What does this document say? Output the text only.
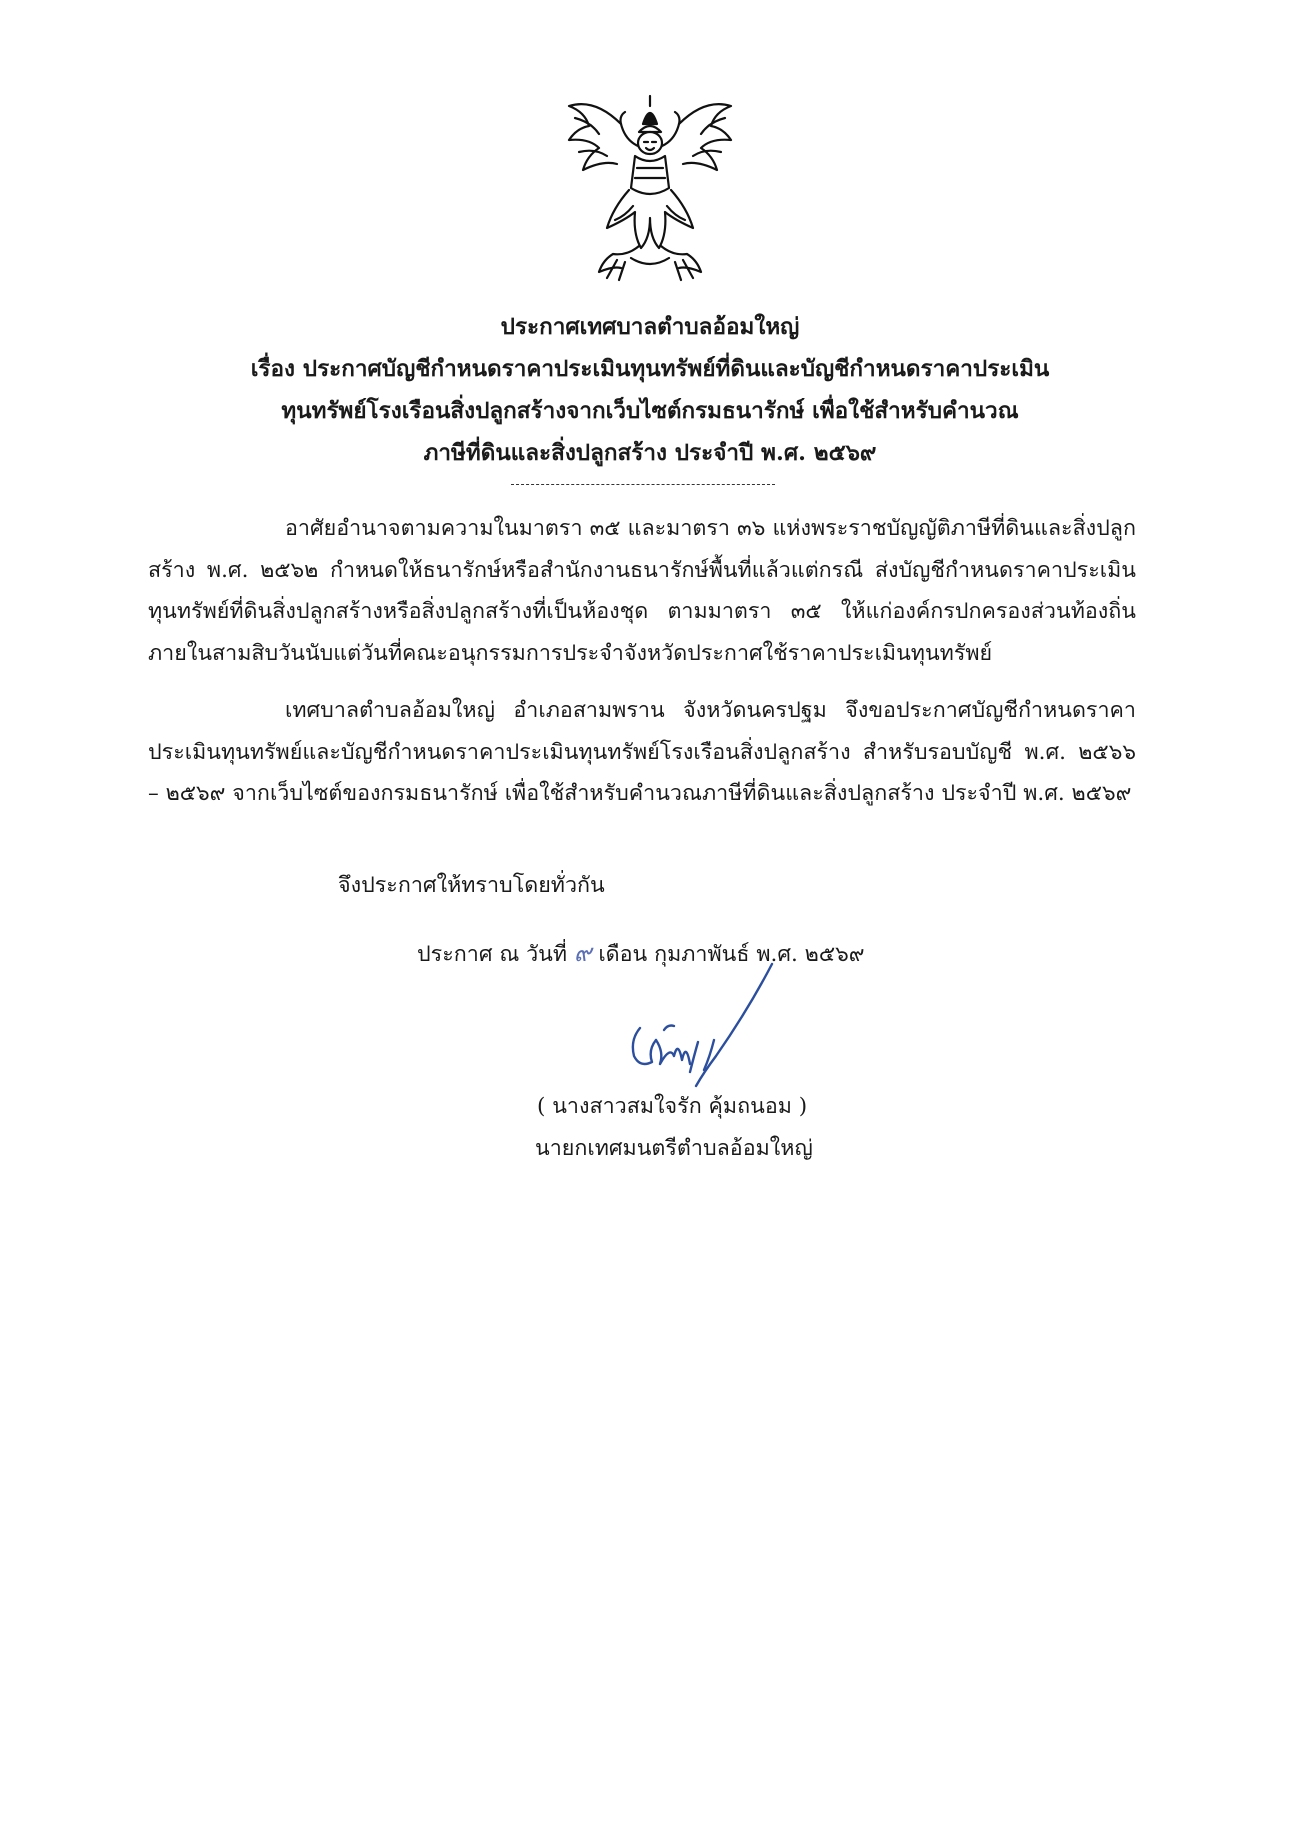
ประกาศเทศบาลตำบลอ้อมใหญ่
เรื่อง ประกาศบัญชีกำหนดราคาประเมินทุนทรัพย์ที่ดินและบัญชีกำหนดราคาประเมิน
ทุนทรัพย์โรงเรือนสิ่งปลูกสร้างจากเว็บไซต์กรมธนารักษ์ เพื่อใช้สำหรับคำนวณ
ภาษีที่ดินและสิ่งปลูกสร้าง ประจำปี พ.ศ. ๒๕๖๙
อาศัยอำนาจตามความในมาตรา ๓๕ และมาตรา ๓๖ แห่งพระราชบัญญัติภาษีที่ดินและสิ่งปลูกสร้าง พ.ศ. ๒๕๖๒ กำหนดให้ธนารักษ์หรือสำนักงานธนารักษ์พื้นที่แล้วแต่กรณี ส่งบัญชีกำหนดราคาประเมินทุนทรัพย์ที่ดินสิ่งปลูกสร้างหรือสิ่งปลูกสร้างที่เป็นห้องชุด ตามมาตรา ๓๕ ให้แก่องค์กรปกครองส่วนท้องถิ่นภายในสามสิบวันนับแต่วันที่คณะอนุกรรมการประจำจังหวัดประกาศใช้ราคาประเมินทุนทรัพย์
เทศบาลตำบลอ้อมใหญ่ อำเภอสามพราน จังหวัดนครปฐม จึงขอประกาศบัญชีกำหนดราคาประเมินทุนทรัพย์และบัญชีกำหนดราคาประเมินทุนทรัพย์โรงเรือนสิ่งปลูกสร้าง สำหรับรอบบัญชี พ.ศ. ๒๕๖๖ – ๒๕๖๙ จากเว็บไซต์ของกรมธนารักษ์ เพื่อใช้สำหรับคำนวณภาษีที่ดินและสิ่งปลูกสร้าง ประจำปี พ.ศ. ๒๕๖๙
จึงประกาศให้ทราบโดยทั่วกัน
ประกาศ ณ วันที่ ๙ เดือน กุมภาพันธ์ พ.ศ. ๒๕๖๙
( นางสาวสมใจรัก คุ้มถนอม )
นายกเทศมนตรีตำบลอ้อมใหญ่
